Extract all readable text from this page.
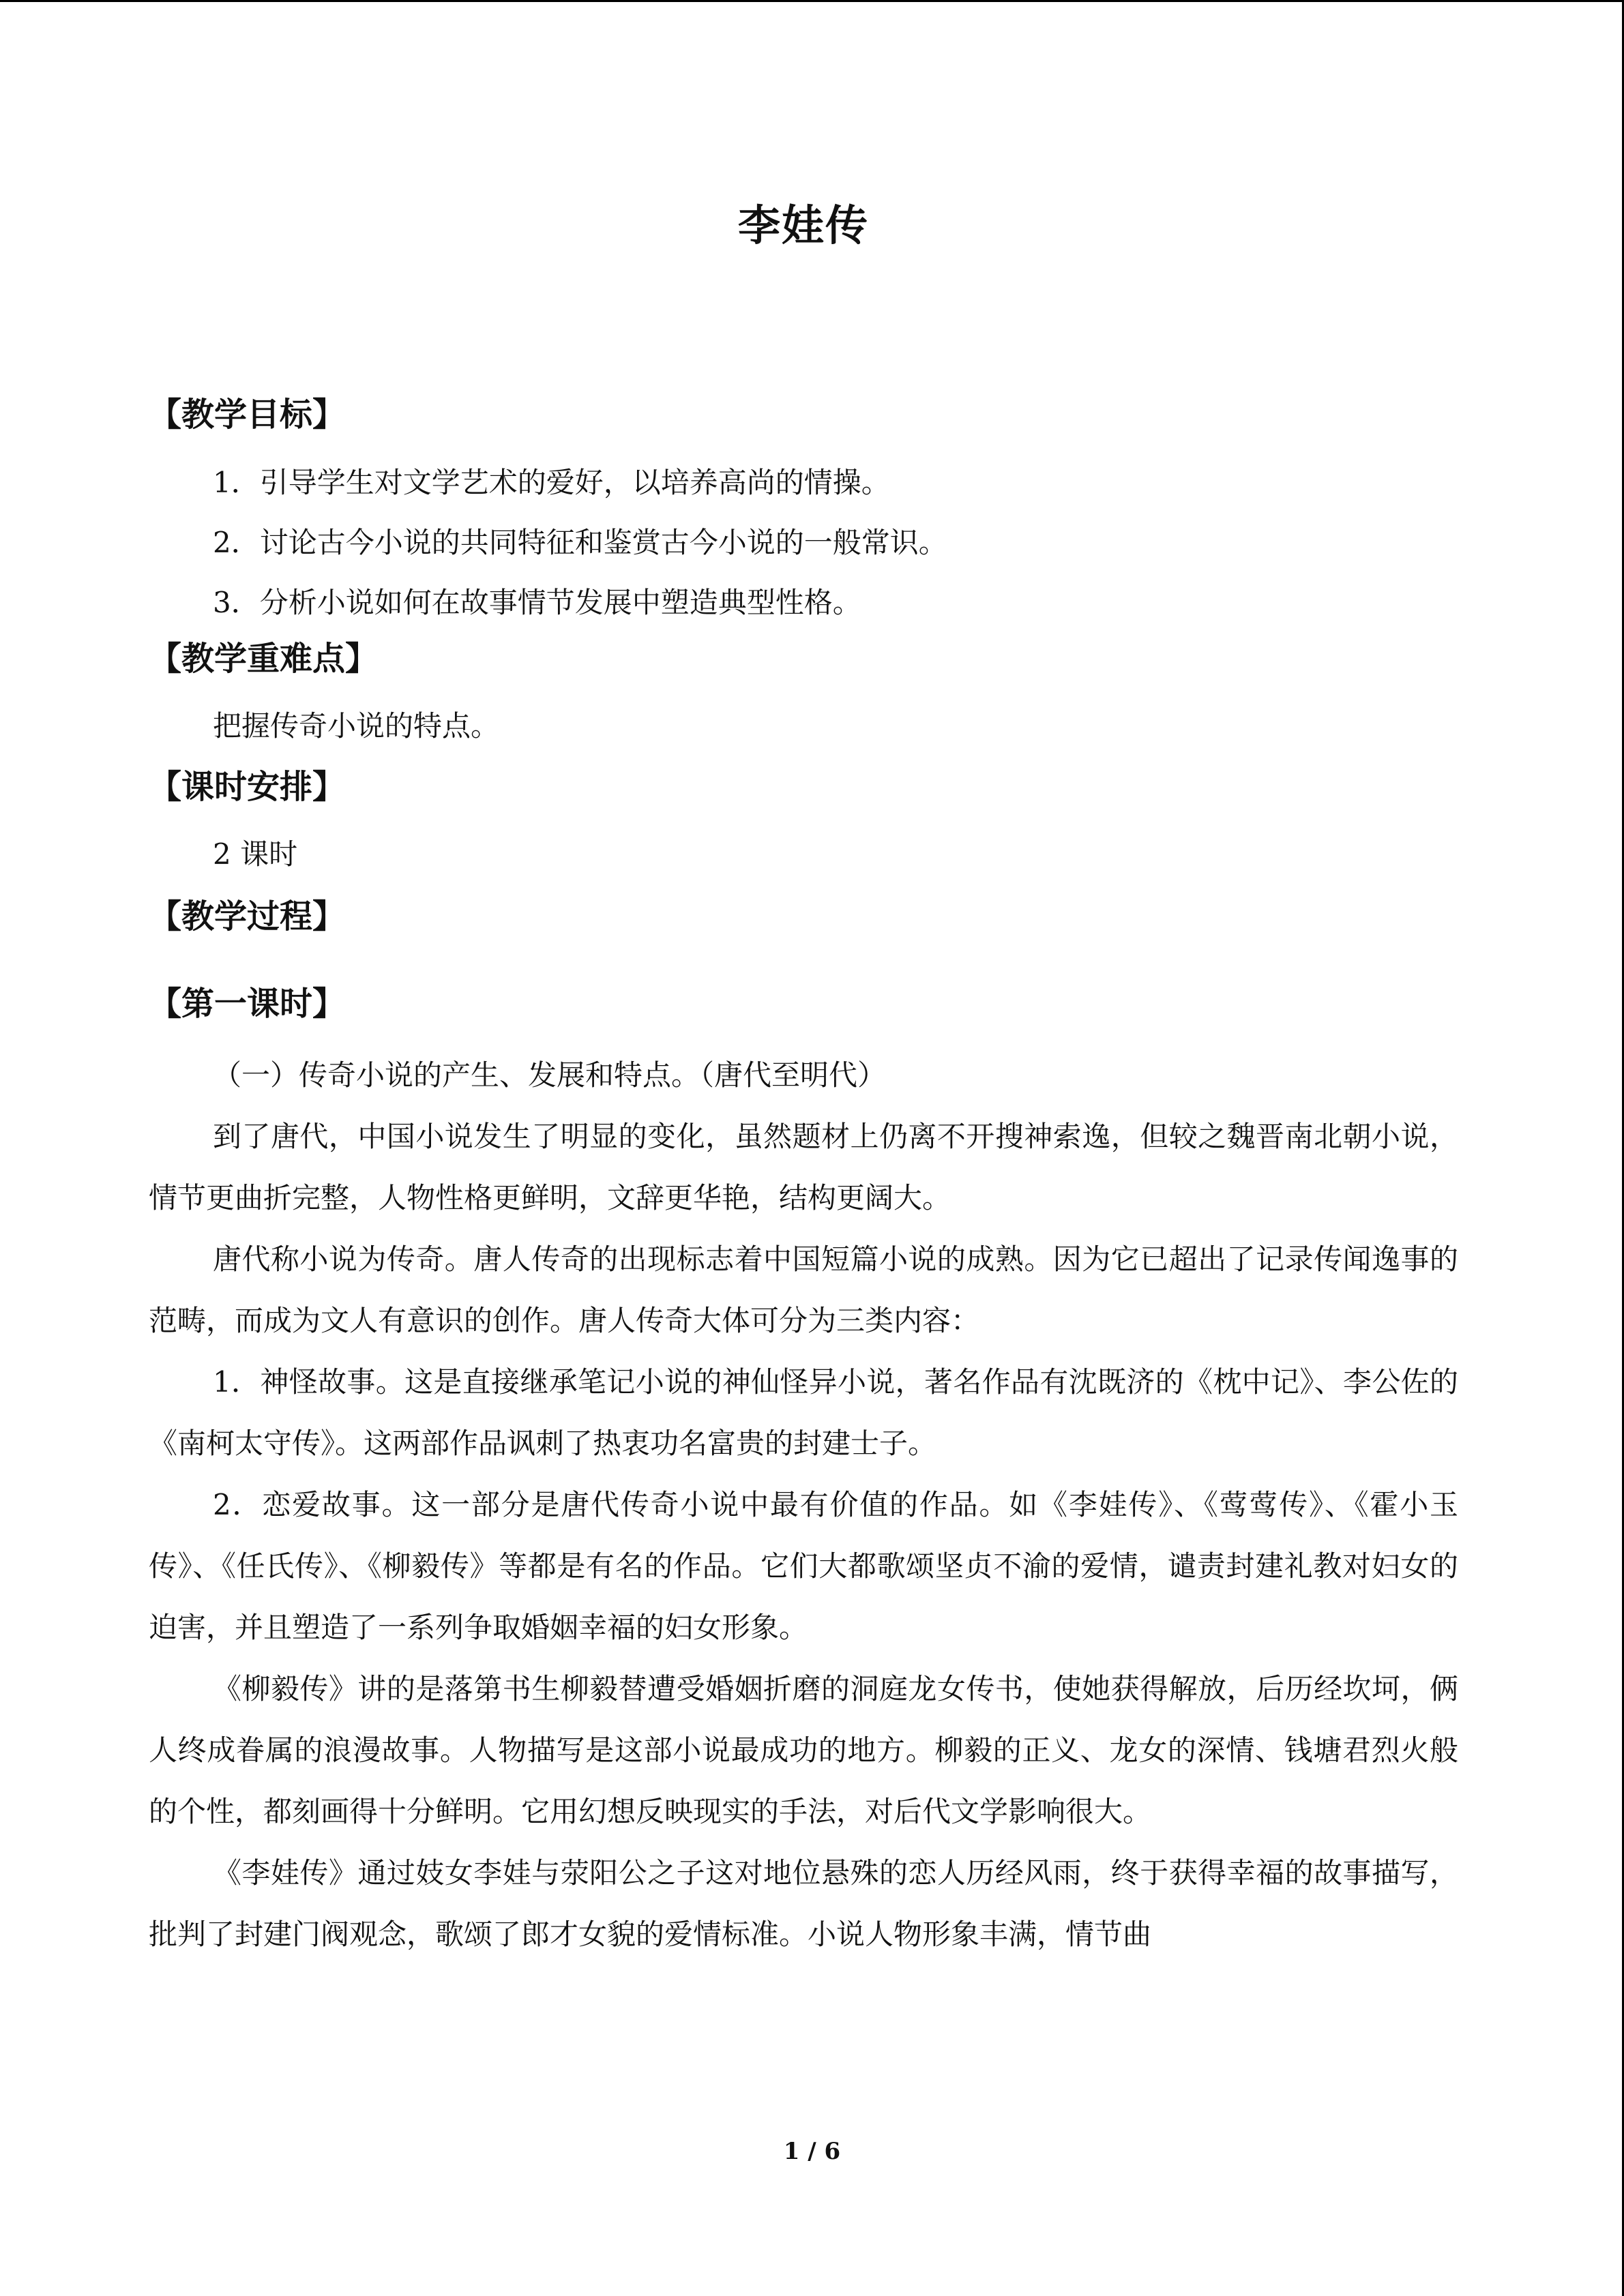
李娃传
【教学目标】

1．引导学生对文学艺术的爱好，以培养高尚的情操。

2．讨论古今小说的共同特征和鉴赏古今小说的一般常识。

3．分析小说如何在故事情节发展中塑造典型性格。

【教学重难点】

把握传奇小说的特点。

【课时安排】

2 课时

【教学过程】
【第一课时】

（一）传奇小说的产生、发展和特点。（唐代至明代）

到了唐代，中国小说发生了明显的变化，虽然题材上仍离不开搜神索逸，但较之魏晋南北朝小说，情节更曲折完整，人物性格更鲜明，文辞更华艳，结构更阔大。

唐代称小说为传奇。唐人传奇的出现标志着中国短篇小说的成熟。因为它已超出了记录传闻逸事的范畴，而成为文人有意识的创作。唐人传奇大体可分为三类内容：

1．神怪故事。这是直接继承笔记小说的神仙怪异小说，著名作品有沈既济的《枕中记》、李公佐的《南柯太守传》。这两部作品讽刺了热衷功名富贵的封建士子。

2．恋爱故事。这一部分是唐代传奇小说中最有价值的作品。如《李娃传》、《莺莺传》、《霍小玉传》、《任氏传》、《柳毅传》等都是有名的作品。它们大都歌颂坚贞不渝的爱情，谴责封建礼教对妇女的迫害，并且塑造了一系列争取婚姻幸福的妇女形象。

《柳毅传》讲的是落第书生柳毅替遭受婚姻折磨的洞庭龙女传书，使她获得解放，后历经坎坷，俩人终成眷属的浪漫故事。人物描写是这部小说最成功的地方。柳毅的正义、龙女的深情、钱塘君烈火般的个性，都刻画得十分鲜明。它用幻想反映现实的手法，对后代文学影响很大。

《李娃传》通过妓女李娃与荥阳公之子这对地位悬殊的恋人历经风雨，终于获得幸福的故事描写，批判了封建门阀观念，歌颂了郎才女貌的爱情标准。小说人物形象丰满，情节曲

1 / 6
